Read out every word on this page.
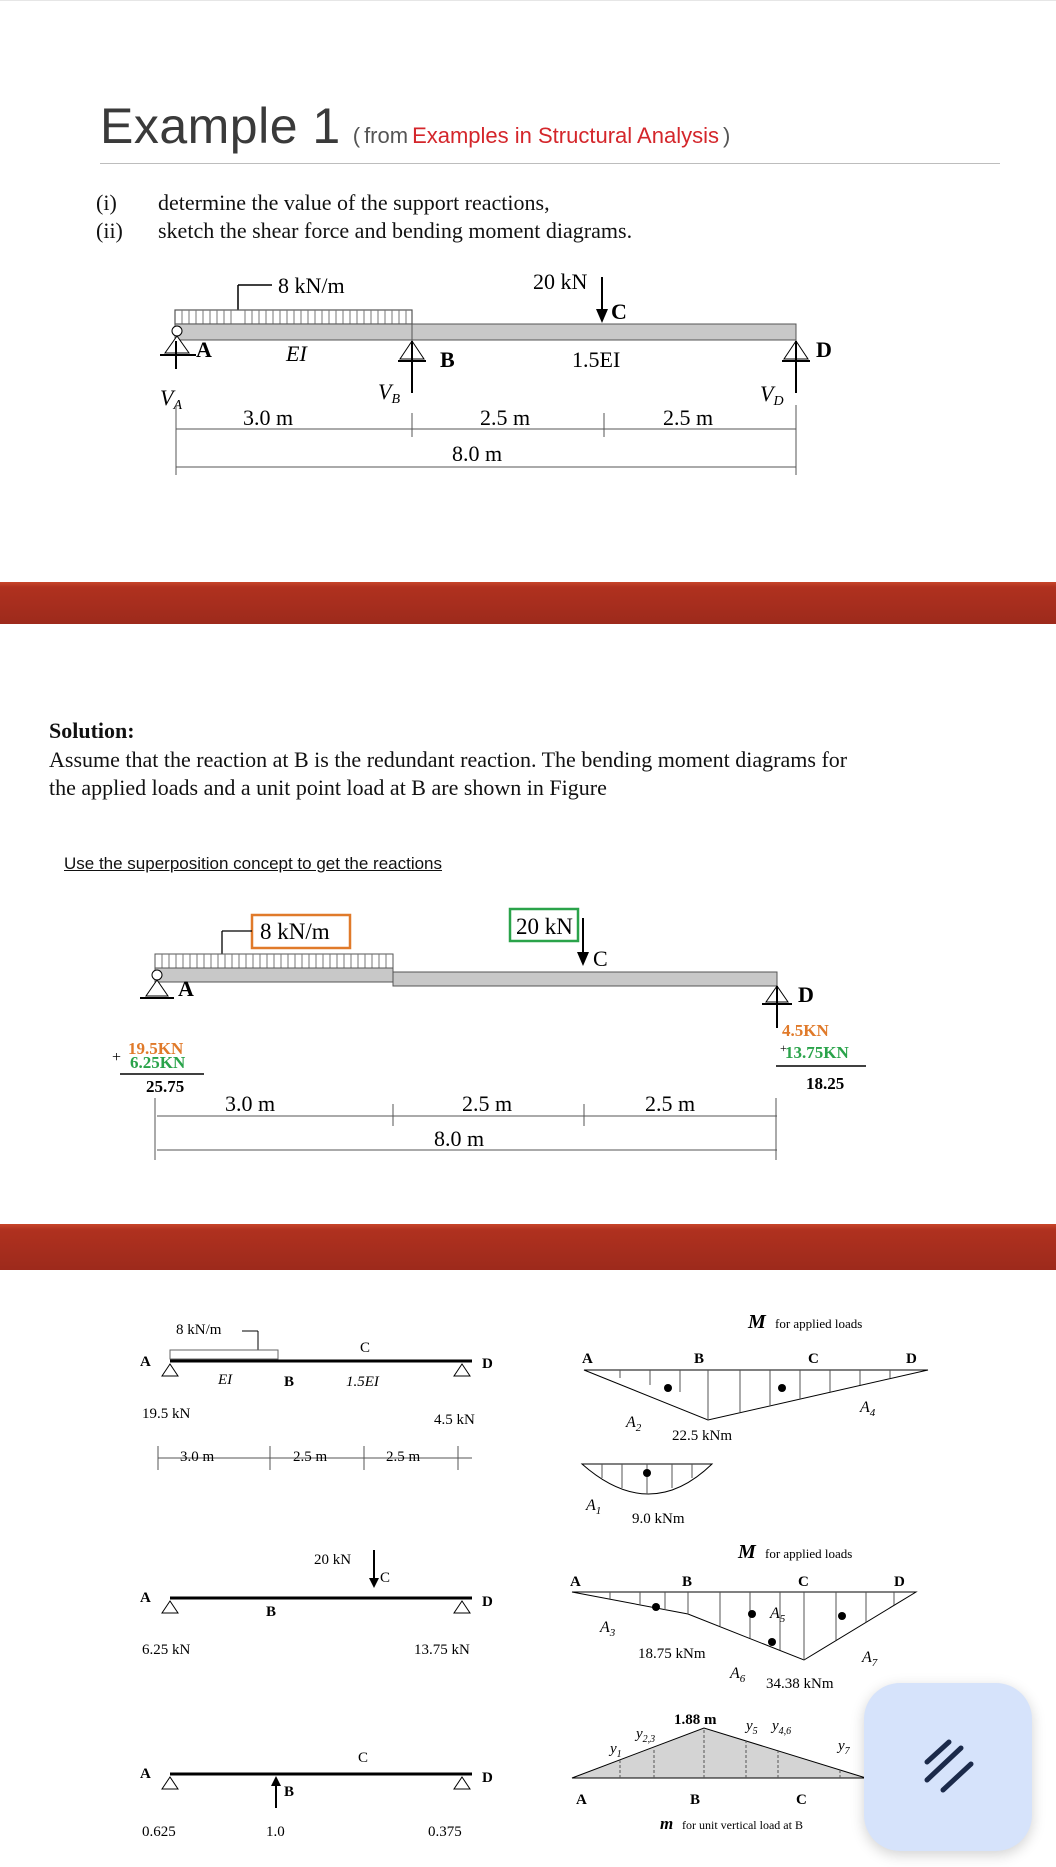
Example 1 ( from Examples in Structural Analysis )
(i) determine the value of the support reactions,
(ii) sketch the shear force and bending moment diagrams.
8 kN/m	20 kN
C
A	EI
VA
B
VB
1.5EI	D
VD
3.0 m	2.5 m	2.5 m
8.0 m
Solution:
Assume that the reaction at B is the redundant reaction. The bending moment diagrams for
the applied loads and a unit point load at B are shown in Figure
Use the superposition concept to get the reactions
8 kN/m	20 kN
C
A	D
+ 19.5KN
6.25KN
25.75
4.5KN
+
13.75KN
18.25
3.0 m	2.5 m	2.5 m
8.0 m
8 kN/m
A
EI	B
C
1.5EI
D
19.5 kN	4.5 kN
3.0 m	2.5 m	2.5 m
20 kN
C
A
B
D
6.25 kN	13.75 kN
C
A
B
D
0.625	1.0	0.375
M for applied loads
A	B	C	D
$A_2$
$A_4$
22.5 kNm
$A_1$ 9.0 kNm
M for applied loads
A	B	C	D
$A_3$
$A_5$
$A_6$
$A_7$
18.75 kNm
34.38 kNm
1.88 m
$y_1$
$y_{2,3}$
$y_5$ $y_{4,6}$
$y_7$
A	B	C
m for unit vertical load at B
